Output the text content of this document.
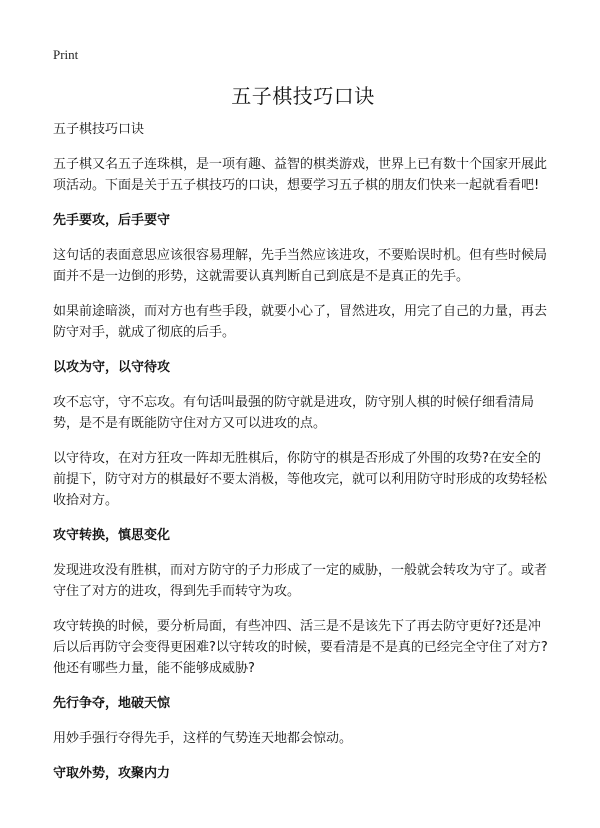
Print
五子棋技巧口诀

五子棋技巧口诀

五子棋又名五子连珠棋，是一项有趣、益智的棋类游戏，世界上已有数十个国家开展此项活动。下面是关于五子棋技巧的口诀，想要学习五子棋的朋友们快来一起就看看吧!

先手要攻，后手要守

这句话的表面意思应该很容易理解，先手当然应该进攻，不要贻误时机。但有些时候局面并不是一边倒的形势，这就需要认真判断自己到底是不是真正的先手。

如果前途暗淡，而对方也有些手段，就要小心了，冒然进攻，用完了自己的力量，再去防守对手，就成了彻底的后手。

以攻为守，以守待攻

攻不忘守，守不忘攻。有句话叫最强的防守就是进攻，防守别人棋的时候仔细看清局势，是不是有既能防守住对方又可以进攻的点。

以守待攻，在对方狂攻一阵却无胜棋后，你防守的棋是否形成了外围的攻势?在安全的前提下，防守对方的棋最好不要太消极，等他攻完，就可以利用防守时形成的攻势轻松收拾对方。

攻守转换，慎思变化

发现进攻没有胜棋，而对方防守的子力形成了一定的威胁，一般就会转攻为守了。或者守住了对方的进攻，得到先手而转守为攻。

攻守转换的时候，要分析局面，有些冲四、活三是不是该先下了再去防守更好?还是冲后以后再防守会变得更困难?以守转攻的时候，要看清是不是真的已经完全守住了对方?他还有哪些力量，能不能够成威胁?

先行争夺，地破天惊

用妙手强行夺得先手，这样的气势连天地都会惊动。

守取外势，攻聚内力
